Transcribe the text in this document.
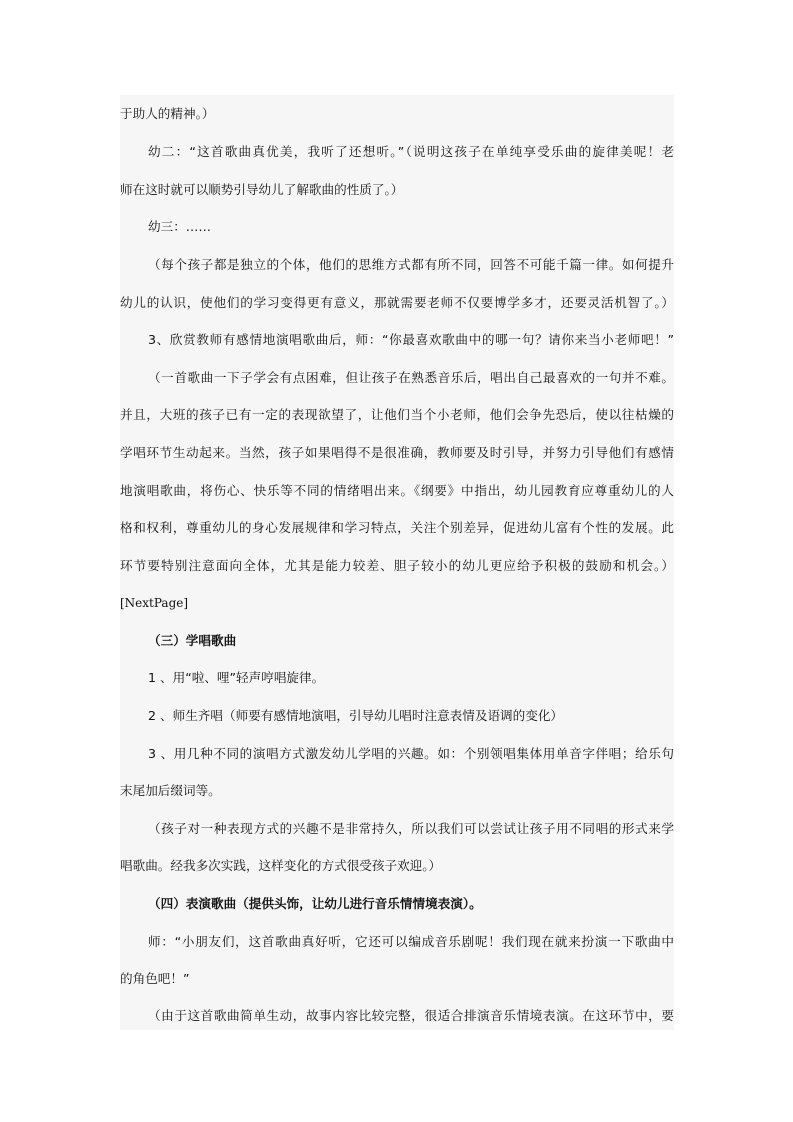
于助人的精神。）
幼二：“这首歌曲真优美，我听了还想听。”（说明这孩子在单纯享受乐曲的旋律美呢！老
师在这时就可以顺势引导幼儿了解歌曲的性质了。）
幼三：……
（每个孩子都是独立的个体，他们的思维方式都有所不同，回答不可能千篇一律。如何提升
幼儿的认识，使他们的学习变得更有意义，那就需要老师不仅要博学多才，还要灵活机智了。）
3、欣赏教师有感情地演唱歌曲后，师：“你最喜欢歌曲中的哪一句？请你来当小老师吧！”
（一首歌曲一下子学会有点困难，但让孩子在熟悉音乐后，唱出自己最喜欢的一句并不难。
并且，大班的孩子已有一定的表现欲望了，让他们当个小老师，他们会争先恐后，使以往枯燥的
学唱环节生动起来。当然，孩子如果唱得不是很准确，教师要及时引导，并努力引导他们有感情
地演唱歌曲，将伤心、快乐等不同的情绪唱出来。《纲要》中指出，幼儿园教育应尊重幼儿的人
格和权利，尊重幼儿的身心发展规律和学习特点，关注个别差异，促进幼儿富有个性的发展。此
环节要特别注意面向全体，尤其是能力较差、胆子较小的幼儿更应给予积极的鼓励和机会。）
[NextPage]
（三）学唱歌曲
1 、用“啦、哩”轻声哼唱旋律。
2 、师生齐唱（师要有感情地演唱，引导幼儿唱时注意表情及语调的变化）
3 、用几种不同的演唱方式激发幼儿学唱的兴趣。如：个别领唱集体用单音字伴唱；给乐句
末尾加后缀词等。
（孩子对一种表现方式的兴趣不是非常持久，所以我们可以尝试让孩子用不同唱的形式来学
唱歌曲。经我多次实践，这样变化的方式很受孩子欢迎。）
（四）表演歌曲（提供头饰，让幼儿进行音乐情情境表演）。
师：“小朋友们，这首歌曲真好听，它还可以编成音乐剧呢！我们现在就来扮演一下歌曲中
的角色吧！”
（由于这首歌曲简单生动，故事内容比较完整，很适合排演音乐情境表演。在这环节中，要
